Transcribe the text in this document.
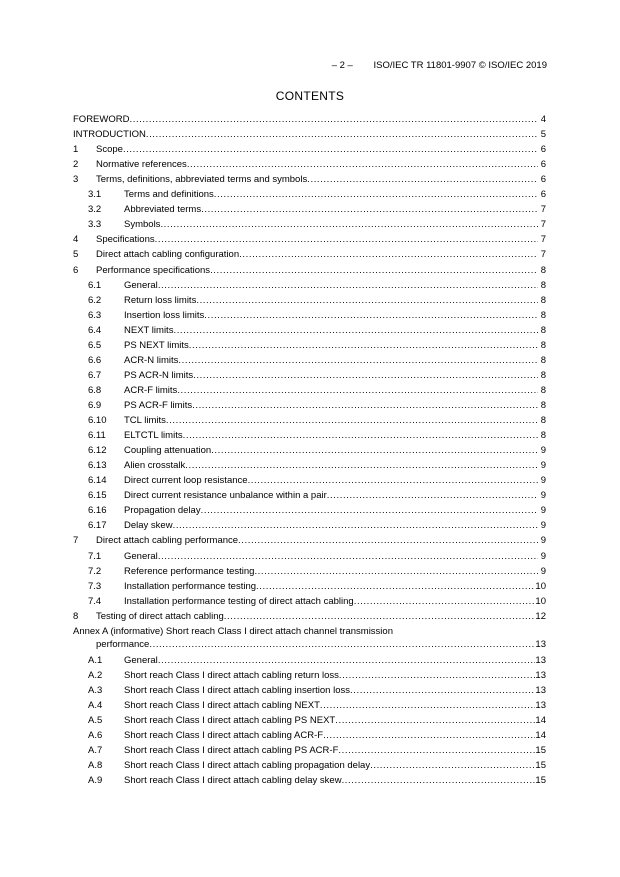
– 2 – ISO/IEC TR 11801-9907 © ISO/IEC 2019
CONTENTS
FOREWORD .....	4
INTRODUCTION .....	5
1	Scope .....	6
2	Normative references .....	6
3	Terms, definitions, abbreviated terms and symbols .....	6
3.1	Terms and definitions .....	6
3.2	Abbreviated terms .....	7
3.3	Symbols .....	7
4	Specifications .....	7
5	Direct attach cabling configuration .....	7
6	Performance specifications .....	8
6.1	General .....	8
6.2	Return loss limits .....	8
6.3	Insertion loss limits .....	8
6.4	NEXT limits .....	8
6.5	PS NEXT limits .....	8
6.6	ACR-N limits .....	8
6.7	PS ACR-N limits .....	8
6.8	ACR-F limits .....	8
6.9	PS ACR-F limits .....	8
6.10	TCL limits .....	8
6.11	ELTCTL limits .....	8
6.12	Coupling attenuation .....	9
6.13	Alien crosstalk .....	9
6.14	Direct current loop resistance .....	9
6.15	Direct current resistance unbalance within a pair .....	9
6.16	Propagation delay .....	9
6.17	Delay skew .....	9
7	Direct attach cabling performance .....	9
7.1	General .....	9
7.2	Reference performance testing .....	9
7.3	Installation performance testing .....	10
7.4	Installation performance testing of direct attach cabling .....	10
8	Testing of direct attach cabling .....	12
Annex A (informative) Short reach Class I direct attach channel transmission
performance .....	13
A.1	General .....	13
A.2	Short reach Class I direct attach cabling return loss .....	13
A.3	Short reach Class I direct attach cabling insertion loss .....	13
A.4	Short reach Class I direct attach cabling NEXT .....	13
A.5	Short reach Class I direct attach cabling PS NEXT .....	14
A.6	Short reach Class I direct attach cabling ACR-F .....	14
A.7	Short reach Class I direct attach cabling PS ACR-F .....	15
A.8	Short reach Class I direct attach cabling propagation delay .....	15
A.9	Short reach Class I direct attach cabling delay skew .....	15
